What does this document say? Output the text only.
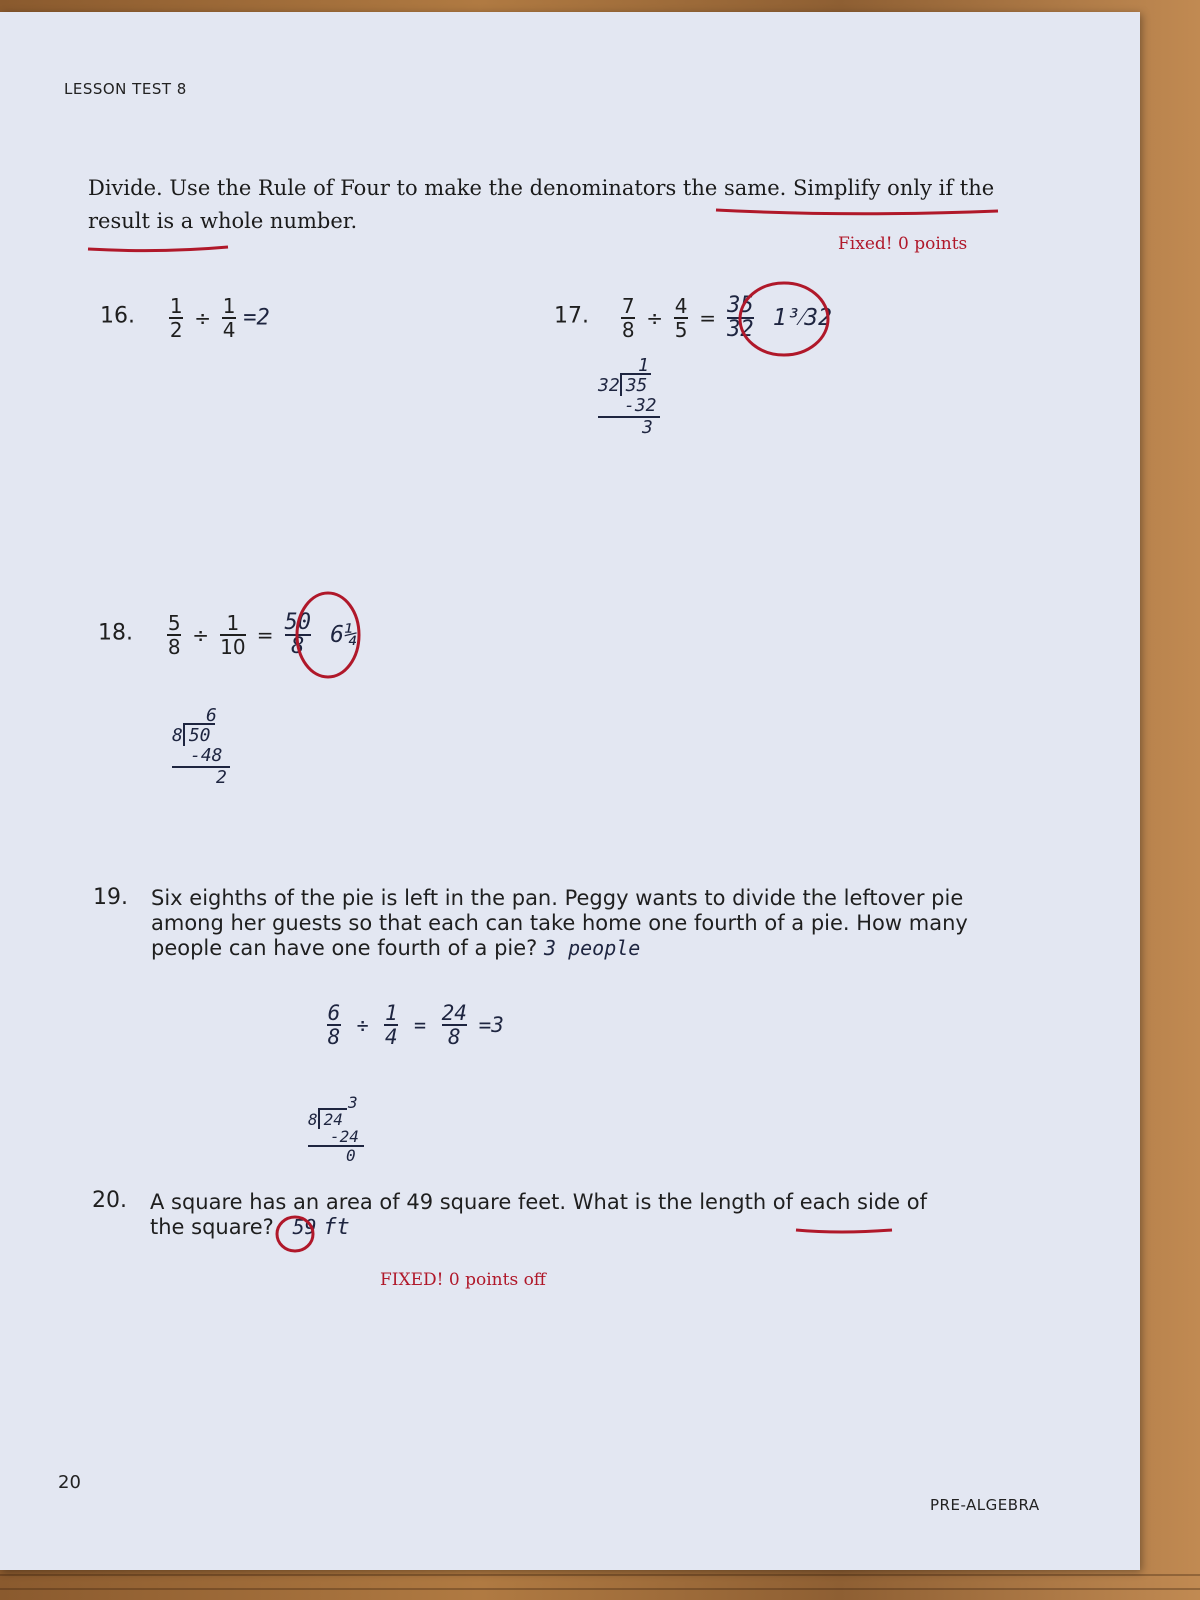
LESSON TEST 8
Divide. Use the Rule of Four to make the denominators the same. Simplify only if the result is a whole number.
Fixed! 0 points
16. $\frac{1}{2} \div \frac{1}{4} =2$	17. $\frac{7}{8} \div \frac{4}{5} = \frac{35}{32}$ 1³⁄32
1
32 35
-32
3
18. $\frac{5}{8} \div \frac{1}{10} = \frac{50}{8}$ 6¼
6
8 50
-48
2
19. Six eighths of the pie is left in the pan. Peggy wants to divide the leftover pie among her guests so that each can take home one fourth of a pie. How many people can have one fourth of a pie? 3 people
$\frac{6}{8} \div \frac{1}{4} = \frac{24}{8} =3$
3
8 24
-24
0
20. A square has an area of 49 square feet. What is the length of each side of the square? 59 ft
FIXED! 0 points off
20
PRE-ALGEBRA
